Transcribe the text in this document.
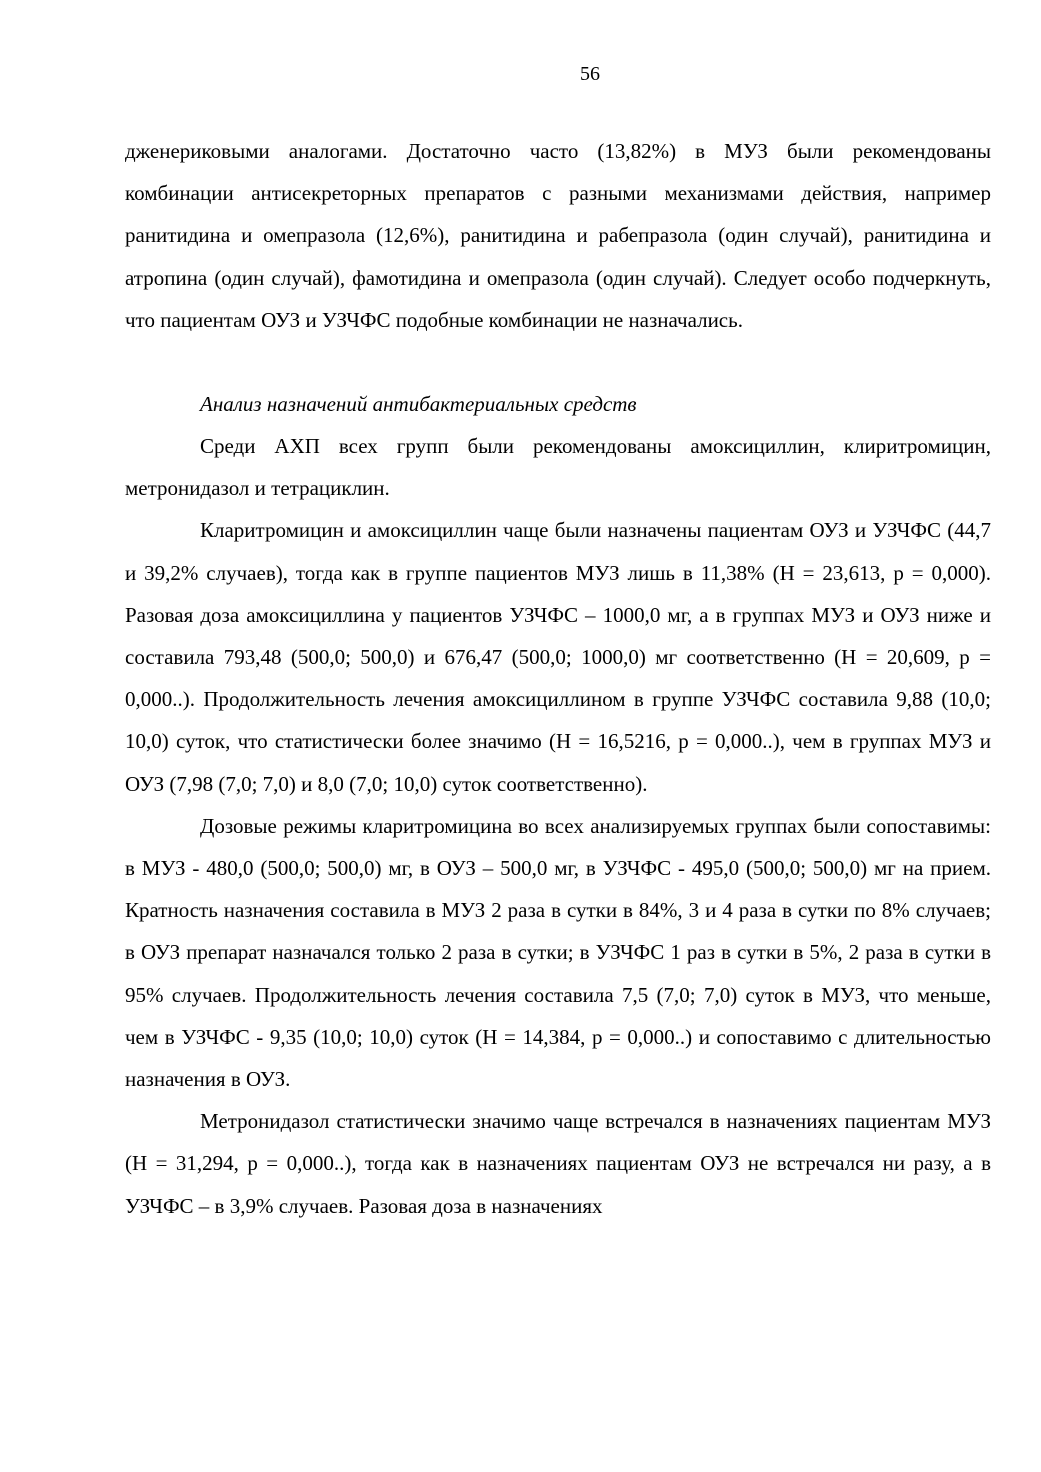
56

дженериковыми аналогами. Достаточно часто (13,82%) в МУЗ были рекомендованы комбинации антисекреторных препаратов с разными механизмами действия, например ранитидина и омепразола (12,6%), ранитидина и рабепразола (один случай), ранитидина и атропина (один случай), фамотидина и омепразола (один случай). Следует особо подчеркнуть, что пациентам ОУЗ и УЗЧФС подобные комбинации не назначались.

Анализ назначений антибактериальных средств

Среди АХП всех групп были рекомендованы амоксициллин, клиритромицин, метронидазол и тетрациклин.

Кларитромицин и амоксициллин чаще были назначены пациентам ОУЗ и УЗЧФС (44,7 и 39,2% случаев), тогда как в группе пациентов МУЗ лишь в 11,38% (Н = 23,613, р = 0,000). Разовая доза амоксициллина у пациентов УЗЧФС – 1000,0 мг, а в группах МУЗ и ОУЗ ниже и составила 793,48 (500,0; 500,0) и 676,47 (500,0; 1000,0) мг соответственно (Н = 20,609, р = 0,000..). Продолжительность лечения амоксициллином в группе УЗЧФС составила 9,88 (10,0; 10,0) суток, что статистически более значимо (Н = 16,5216, р = 0,000..), чем в группах МУЗ и ОУЗ (7,98 (7,0; 7,0) и 8,0 (7,0; 10,0) суток соответственно).

Дозовые режимы кларитромицина во всех анализируемых группах были сопоставимы: в МУЗ - 480,0 (500,0; 500,0) мг, в ОУЗ – 500,0 мг, в УЗЧФС - 495,0 (500,0; 500,0) мг на прием. Кратность назначения составила в МУЗ 2 раза в сутки в 84%, 3 и 4 раза в сутки по 8% случаев; в ОУЗ препарат назначался только 2 раза в сутки; в УЗЧФС 1 раз в сутки в 5%, 2 раза в сутки в 95% случаев. Продолжительность лечения составила 7,5 (7,0; 7,0) суток в МУЗ, что меньше, чем в УЗЧФС - 9,35 (10,0; 10,0) суток (Н = 14,384, р = 0,000..) и сопоставимо с длительностью назначения в ОУЗ.

Метронидазол статистически значимо чаще встречался в назначениях пациентам МУЗ (Н = 31,294, р = 0,000..), тогда как в назначениях пациентам ОУЗ не встречался ни разу, а в УЗЧФС – в 3,9% случаев. Разовая доза в назначениях
